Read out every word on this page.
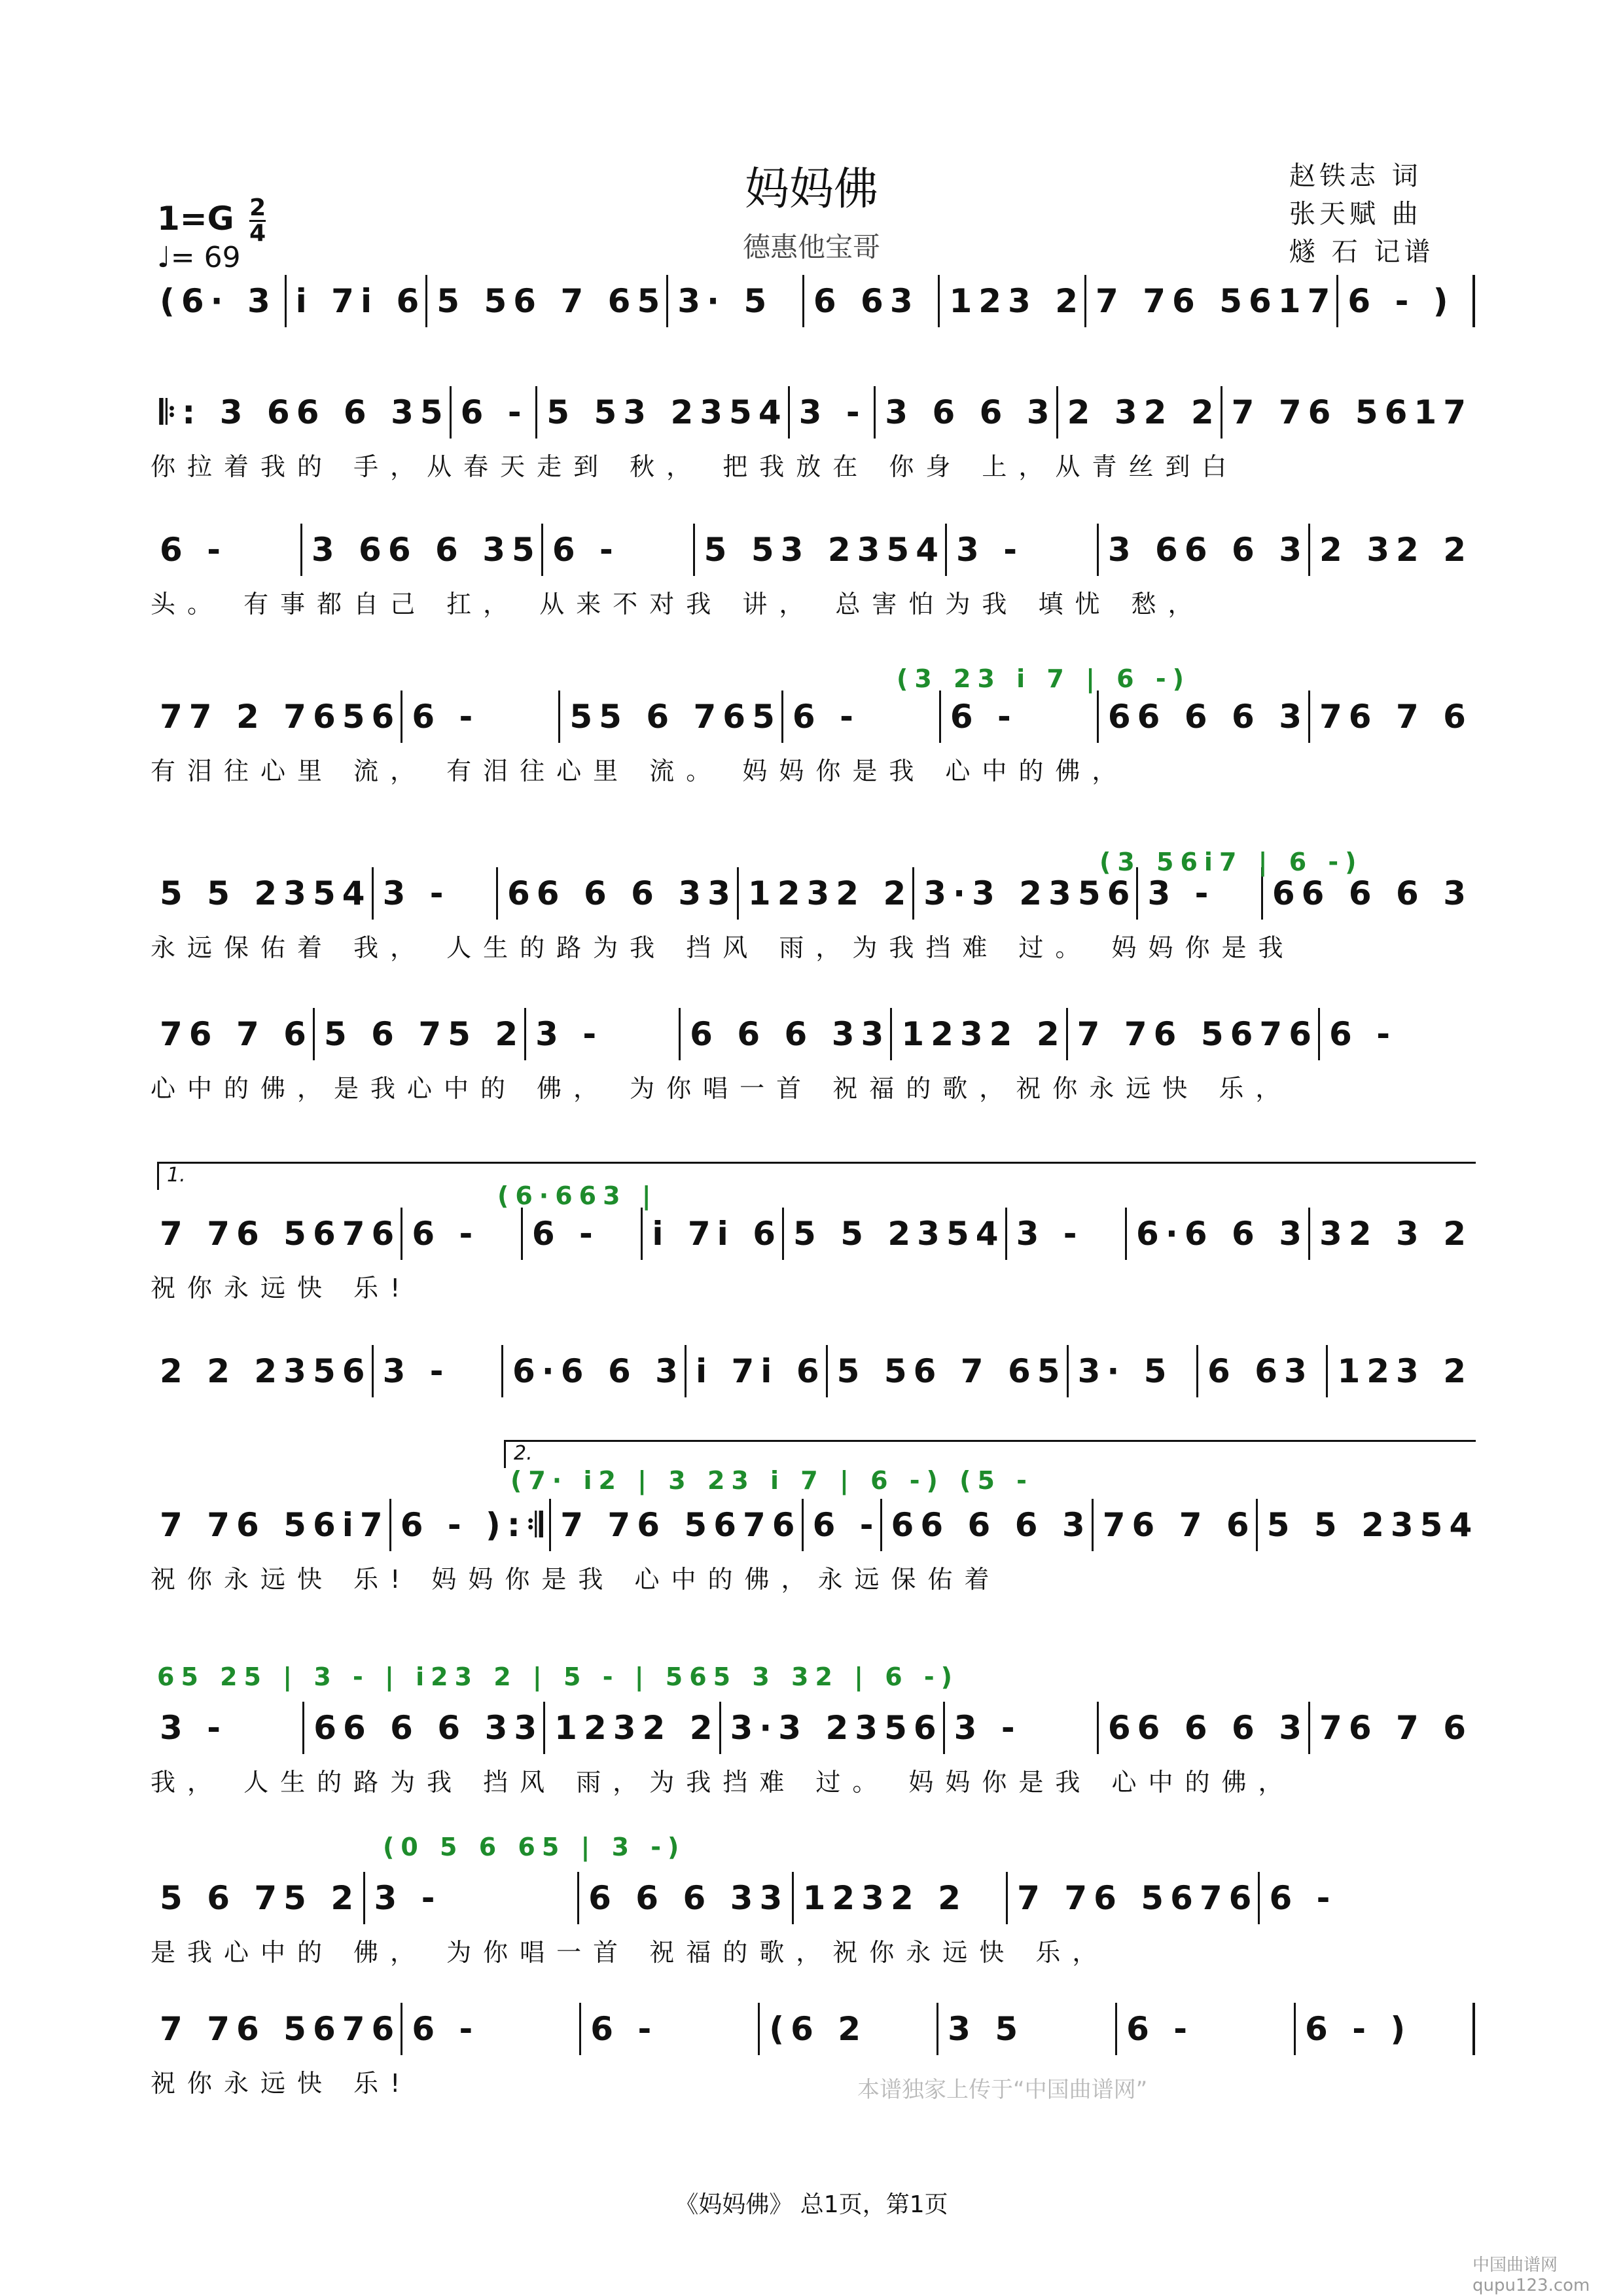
妈妈佛
德惠他宝哥
赵铁志 词
张天赋 曲
燧 石 记谱
$1=G \frac{2}{4}$
♩= 69
(6· 3 i 7i 6 5 56 7 65 3· 5	6 63 123 2 7 76 5617 6 - )
𝄆: 3 66 6 35 6 - 5 53 2354 3 - 3 6 6 3 2 32 2 7 76 5617
你拉着我的 手，从春天走到 秋， 把我放在 你身 上，从青丝到白
6 -	3 66 6 35 6 -	5 53 2354 3 -	3 66 6 3 2 32 2
头。 有事都自己 扛， 从来不对我 讲， 总害怕为我 填忧 愁，
77 2 7656 6 -	55 6 765 6 -	6 -	66 6 6 3 76 7 6
有泪往心里 流， 有泪往心里 流。 妈妈你是我 心中的佛，
5 5 2354 3 -	66 6 6 33 1232 2 3·3 2356 3 -	66 6 6 3
永远保佑着 我， 人生的路为我 挡风 雨，为我挡难 过。 妈妈你是我
76 7 6 5 6 75 2 3 -	6 6 6 33 1232 2 7 76 5676 6 -
心中的佛，是我心中的 佛， 为你唱一首 祝福的歌，祝你永远快 乐，
7 76 5676 6 -	6 -	i 7i 6 5 5 2354 3 -	6·6 6 3 32 3 2
祝你永远快 乐!
2 2 2356 3 -	6·6 6 3 i 7i 6 5 56 7 65 3· 5	6 63 123 2
7 76 56i7 6 - ):𝄇 7 76 5676 6 - 66 6 6 3 76 7 6 5 5 2354
祝你永远快 乐! 妈妈你是我 心中的佛，永远保佑着
3 -	66 6 6 33 1232 2 3·3 2356 3 -	66 6 6 3 76 7 6
我， 人生的路为我 挡风 雨，为我挡难 过。 妈妈你是我 心中的佛，
5 6 75 2 3 -	6 6 6 33 1232 2	7 76 5676 6 -
是我心中的 佛， 为你唱一首 祝福的歌，祝你永远快 乐，
7 76 5676 6 -	6 -	(6 2	3 5	6 -	6 - )
祝你永远快 乐!
(3 23 i 7 | 6 -)
(3 56i7 | 6 -)
(6·663 |
(7· i2 | 3 23 i 7 | 6 -) (5 -
65 25 | 3 - | i23 2 | 5 - | 565 3 32 | 6 -)
(0 5 6 65 | 3 -)
1.
2.
本谱独家上传于“中国曲谱网”
《妈妈佛》 总1页，第1页
中国曲谱网 qupu123.com
